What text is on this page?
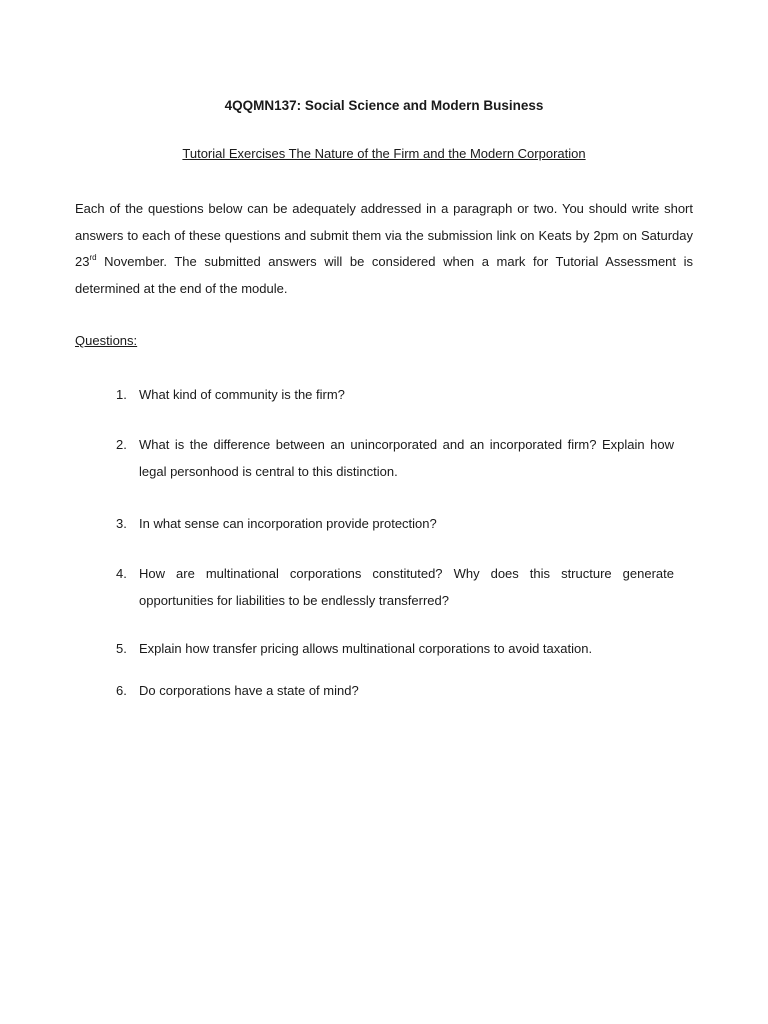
4QQMN137: Social Science and Modern Business
Tutorial Exercises The Nature of the Firm and the Modern Corporation

Each of the questions below can be adequately addressed in a paragraph or two. You should write short answers to each of these questions and submit them via the submission link on Keats by 2pm on Saturday 23rd November. The submitted answers will be considered when a mark for Tutorial Assessment is determined at the end of the module.

Questions:
1. What kind of community is the firm?

2. What is the difference between an unincorporated and an incorporated firm? Explain how legal personhood is central to this distinction.

3. In what sense can incorporation provide protection?

4. How are multinational corporations constituted? Why does this structure generate opportunities for liabilities to be endlessly transferred?

5. Explain how transfer pricing allows multinational corporations to avoid taxation.

6. Do corporations have a state of mind?
